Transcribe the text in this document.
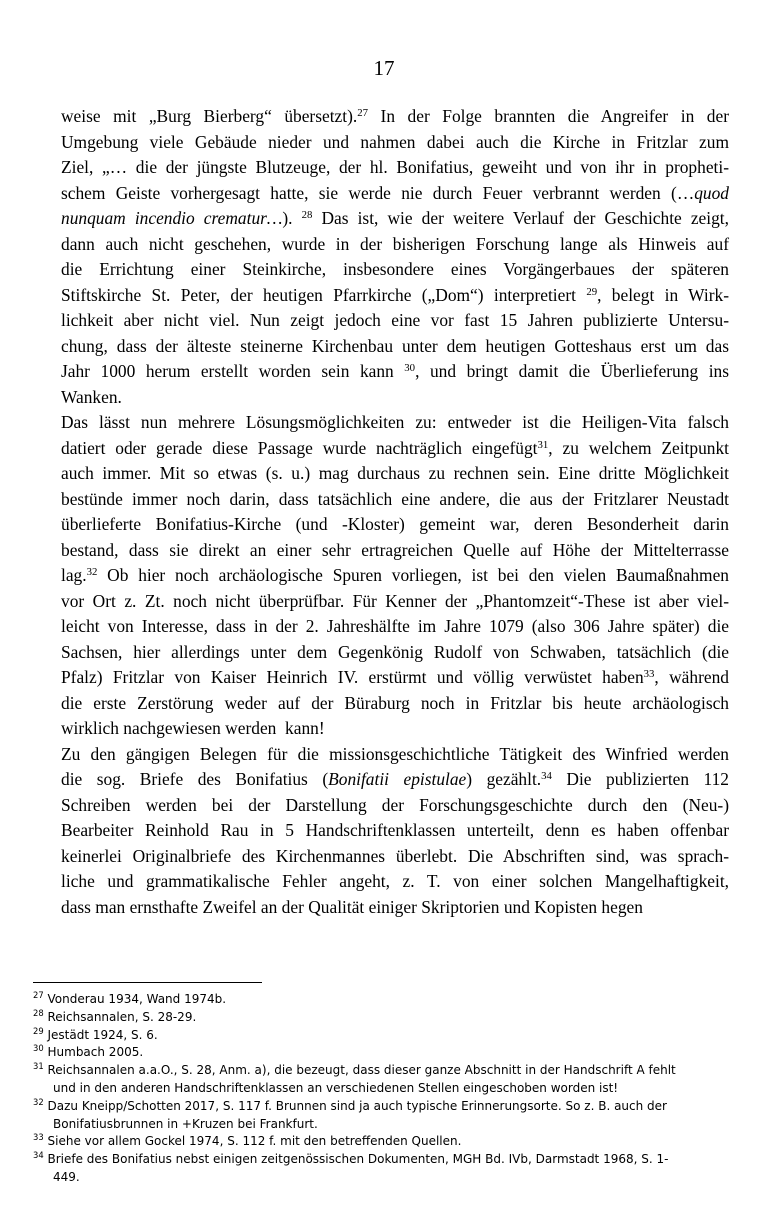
17
weise mit „Burg Bierberg“ übersetzt).$^{27}$ In der Folge brannten die Angreifer in der
Umgebung viele Gebäude nieder und nahmen dabei auch die Kirche in Fritzlar zum
Ziel, „… die der jüngste Blutzeuge, der hl. Bonifatius, geweiht und von ihr in propheti-
schem Geiste vorhergesagt hatte, sie werde nie durch Feuer verbrannt werden (…quod
nunquam incendio crematur…). $^{28}$ Das ist, wie der weitere Verlauf der Geschichte zeigt,
dann auch nicht geschehen, wurde in der bisherigen Forschung lange als Hinweis auf
die Errichtung einer Steinkirche, insbesondere eines Vorgängerbaues der späteren
Stiftskirche St. Peter, der heutigen Pfarrkirche („Dom“) interpretiert $^{29}$, belegt in Wirk-
lichkeit aber nicht viel. Nun zeigt jedoch eine vor fast 15 Jahren publizierte Untersu-
chung, dass der älteste steinerne Kirchenbau unter dem heutigen Gotteshaus erst um das
Jahr 1000 herum erstellt worden sein kann $^{30}$, und bringt damit die Überlieferung ins
Wanken.
Das lässt nun mehrere Lösungsmöglichkeiten zu: entweder ist die Heiligen-Vita falsch
datiert oder gerade diese Passage wurde nachträglich eingefügt$^{31}$, zu welchem Zeitpunkt
auch immer. Mit so etwas (s. u.) mag durchaus zu rechnen sein. Eine dritte Möglichkeit
bestünde immer noch darin, dass tatsächlich eine andere, die aus der Fritzlarer Neustadt
überlieferte Bonifatius-Kirche (und -Kloster) gemeint war, deren Besonderheit darin
bestand, dass sie direkt an einer sehr ertragreichen Quelle auf Höhe der Mittelterrasse
lag.$^{32}$ Ob hier noch archäologische Spuren vorliegen, ist bei den vielen Baumaßnahmen
vor Ort z. Zt. noch nicht überprüfbar. Für Kenner der „Phantomzeit“-These ist aber viel-
leicht von Interesse, dass in der 2. Jahreshälfte im Jahre 1079 (also 306 Jahre später) die
Sachsen, hier allerdings unter dem Gegenkönig Rudolf von Schwaben, tatsächlich (die
Pfalz) Fritzlar von Kaiser Heinrich IV. erstürmt und völlig verwüstet haben$^{33}$, während
die erste Zerstörung weder auf der Büraburg noch in Fritzlar bis heute archäologisch
wirklich nachgewiesen werden  kann!
Zu den gängigen Belegen für die missionsgeschichtliche Tätigkeit des Winfried werden
die sog. Briefe des Bonifatius (Bonifatii epistulae) gezählt.$^{34}$ Die publizierten 112
Schreiben werden bei der Darstellung der Forschungsgeschichte durch den (Neu-)
Bearbeiter Reinhold Rau in 5 Handschriftenklassen unterteilt, denn es haben offenbar
keinerlei Originalbriefe des Kirchenmannes überlebt. Die Abschriften sind, was sprach-
liche und grammatikalische Fehler angeht, z. T. von einer solchen Mangelhaftigkeit,
dass man ernsthafte Zweifel an der Qualität einiger Skriptorien und Kopisten hegen
$^{27}$ Vonderau 1934, Wand 1974b.
$^{28}$ Reichsannalen, S. 28-29.
$^{29}$ Jestädt 1924, S. 6.
$^{30}$ Humbach 2005.
$^{31}$ Reichsannalen a.a.O., S. 28, Anm. a), die bezeugt, dass dieser ganze Abschnitt in der Handschrift A fehlt
und in den anderen Handschriftenklassen an verschiedenen Stellen eingeschoben worden ist!
$^{32}$ Dazu Kneipp/Schotten 2017, S. 117 f. Brunnen sind ja auch typische Erinnerungsorte. So z. B. auch der
Bonifatiusbrunnen in +Kruzen bei Frankfurt.
$^{33}$ Siehe vor allem Gockel 1974, S. 112 f. mit den betreffenden Quellen.
$^{34}$ Briefe des Bonifatius nebst einigen zeitgenössischen Dokumenten, MGH Bd. IVb, Darmstadt 1968, S. 1-
449.
